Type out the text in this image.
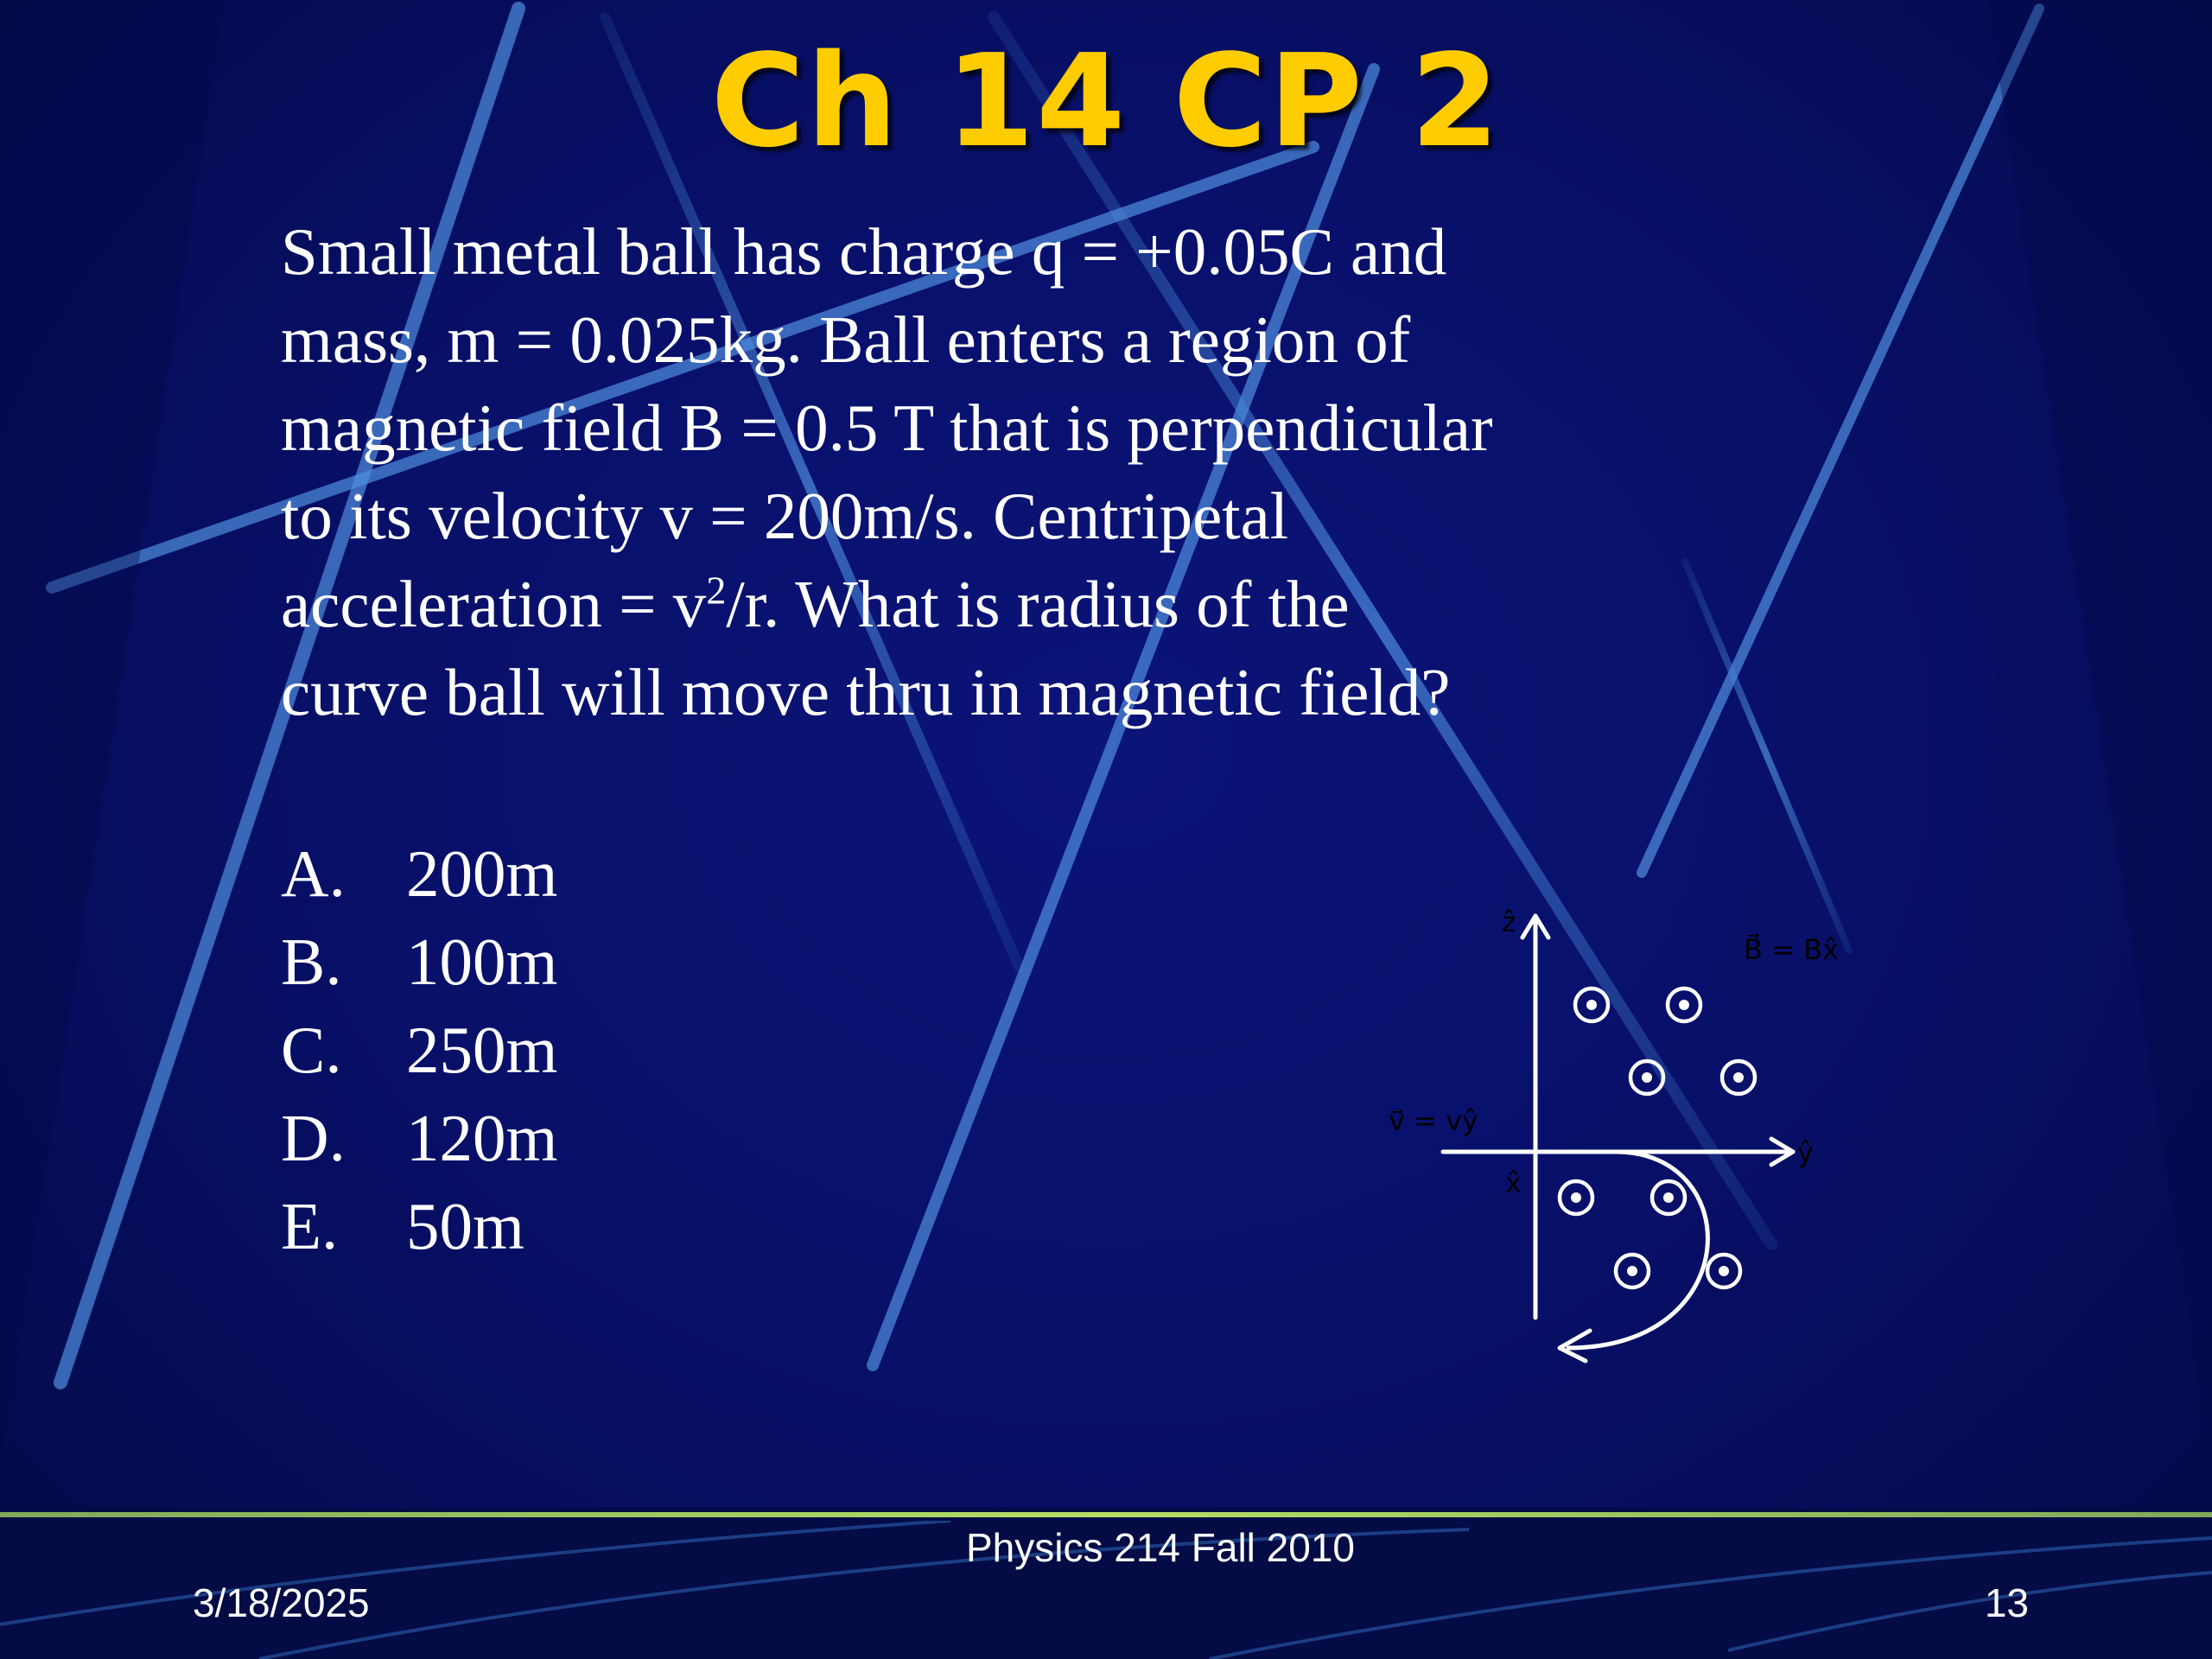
Ch 14 CP 2

Small metal ball has charge q = +0.05C and

mass, m = 0.025kg. Ball enters a region of

magnetic field B = 0.5 T that is perpendicular

to its velocity v = 200m/s. Centripetal

acceleration = $v^2/r$. What is radius of the

curve ball will move thru in magnetic field?

A. 200m
B. 100m
C. 250m
D. 120m
E. 50m
ẑ
ŷ
x̂
B⃗ = Bx̂
v⃗ = vŷ
Physics 214 Fall 2010
3/18/2025	13
